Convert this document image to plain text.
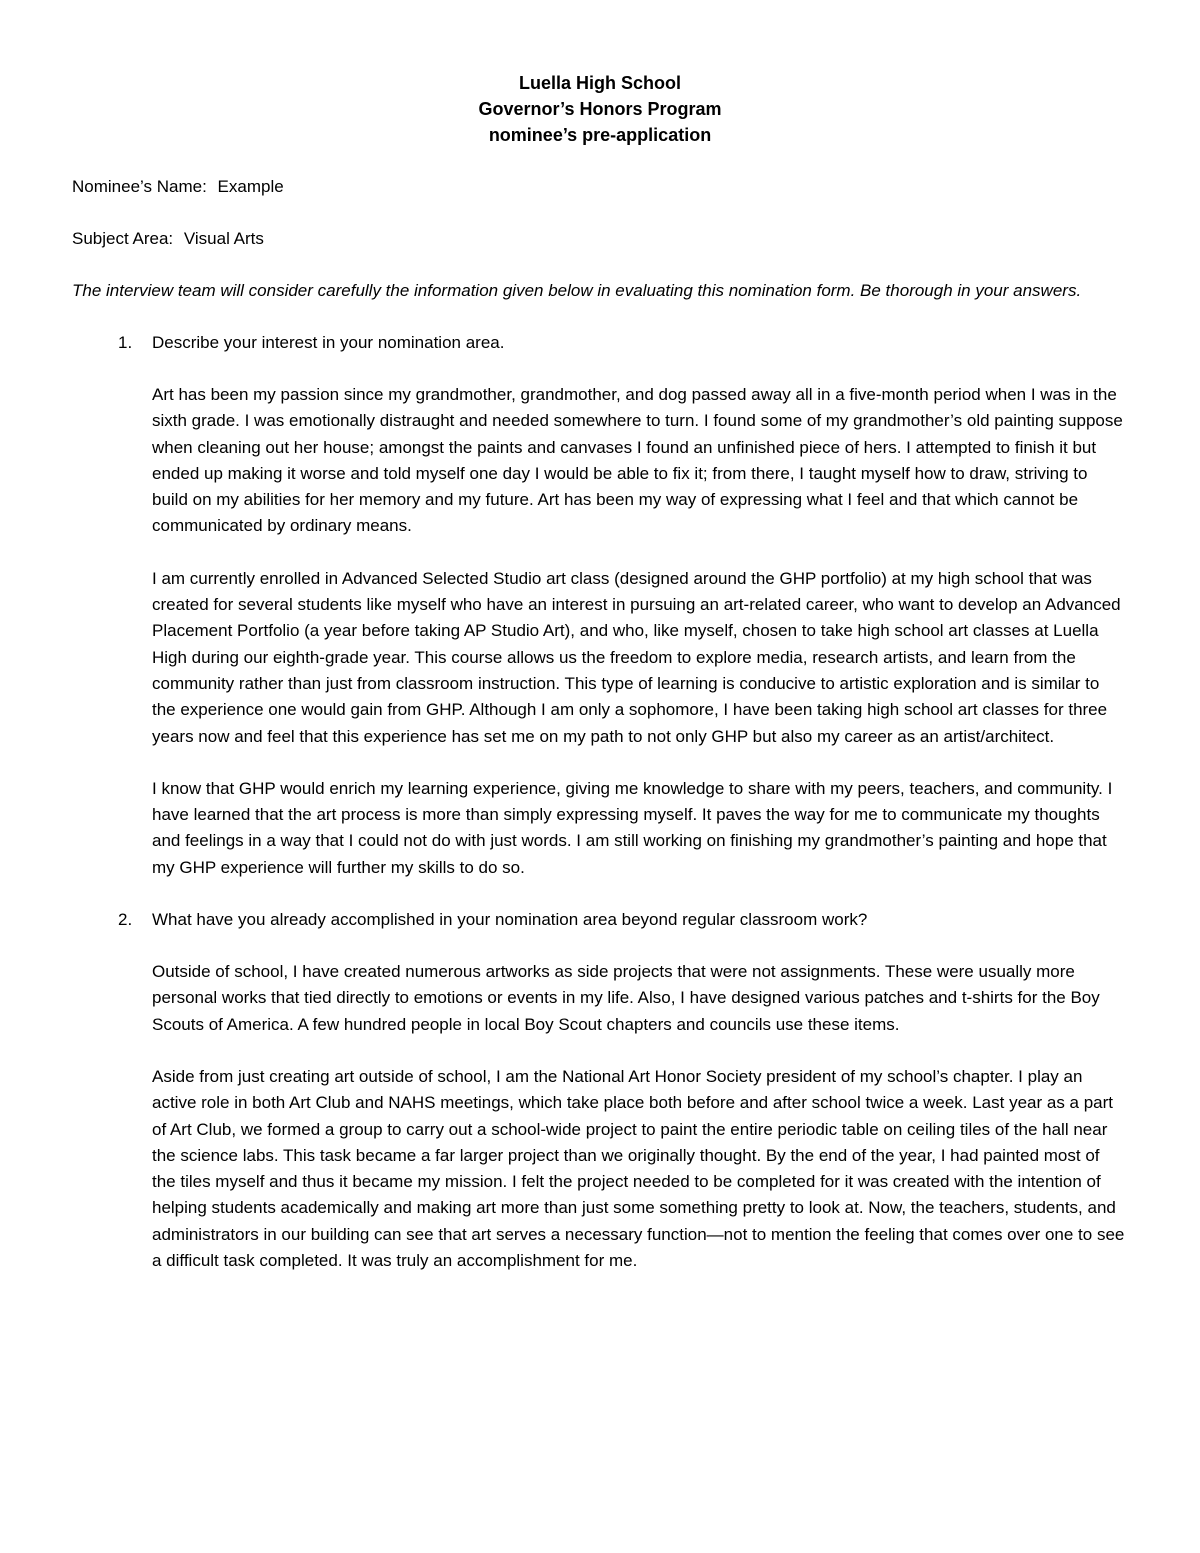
Luella High School
Governor’s Honors Program
nominee’s pre-application

Nominee’s Name: Example

Subject Area: Visual Arts

The interview team will consider carefully the information given below in evaluating this nomination form. Be thorough in your answers.
1. Describe your interest in your nomination area.

Art has been my passion since my grandmother, grandmother, and dog passed away all in a five-month period when I was in the sixth grade. I was emotionally distraught and needed somewhere to turn. I found some of my grandmother’s old painting suppose when cleaning out her house; amongst the paints and canvases I found an unfinished piece of hers. I attempted to finish it but ended up making it worse and told myself one day I would be able to fix it; from there, I taught myself how to draw, striving to build on my abilities for her memory and my future. Art has been my way of expressing what I feel and that which cannot be communicated by ordinary means.

I am currently enrolled in Advanced Selected Studio art class (designed around the GHP portfolio) at my high school that was created for several students like myself who have an interest in pursuing an art-related career, who want to develop an Advanced Placement Portfolio (a year before taking AP Studio Art), and who, like myself, chosen to take high school art classes at Luella High during our eighth-grade year. This course allows us the freedom to explore media, research artists, and learn from the community rather than just from classroom instruction. This type of learning is conducive to artistic exploration and is similar to the experience one would gain from GHP. Although I am only a sophomore, I have been taking high school art classes for three years now and feel that this experience has set me on my path to not only GHP but also my career as an artist/architect.

I know that GHP would enrich my learning experience, giving me knowledge to share with my peers, teachers, and community. I have learned that the art process is more than simply expressing myself. It paves the way for me to communicate my thoughts and feelings in a way that I could not do with just words. I am still working on finishing my grandmother’s painting and hope that my GHP experience will further my skills to do so.

2. What have you already accomplished in your nomination area beyond regular classroom work?

Outside of school, I have created numerous artworks as side projects that were not assignments. These were usually more personal works that tied directly to emotions or events in my life. Also, I have designed various patches and t-shirts for the Boy Scouts of America. A few hundred people in local Boy Scout chapters and councils use these items.

Aside from just creating art outside of school, I am the National Art Honor Society president of my school’s chapter. I play an active role in both Art Club and NAHS meetings, which take place both before and after school twice a week. Last year as a part of Art Club, we formed a group to carry out a school-wide project to paint the entire periodic table on ceiling tiles of the hall near the science labs. This task became a far larger project than we originally thought. By the end of the year, I had painted most of the tiles myself and thus it became my mission. I felt the project needed to be completed for it was created with the intention of helping students academically and making art more than just some something pretty to look at. Now, the teachers, students, and administrators in our building can see that art serves a necessary function—not to mention the feeling that comes over one to see a difficult task completed. It was truly an accomplishment for me.
